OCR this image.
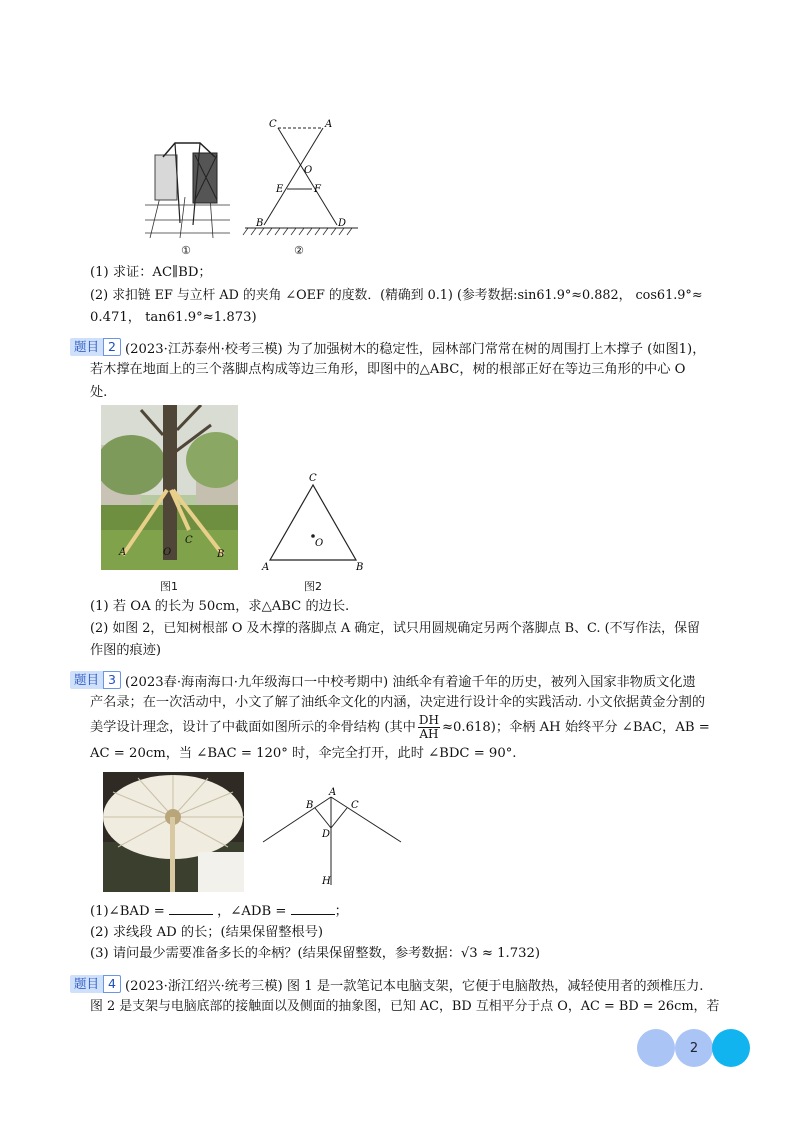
①
C	A
O
E	F
B	D
②
(1) 求证：AC∥BD；
(2) 求扣链 EF 与立杆 AD 的夹角 ∠OEF 的度数．(精确到 0.1) (参考数据:sin61.9°≈0.882， cos61.9°≈
0.471， tan61.9°≈1.873)
题目 2 (2023·江苏泰州·校考三模) 为了加强树木的稳定性，园林部门常常在树的周围打上木撑子 (如图1)，
若木撑在地面上的三个落脚点构成等边三角形，即图中的△ABC，树的根部正好在等边三角形的中心 O
处.
A	O
C
B
图1
C
O
A	B
图2
(1) 若 OA 的长为 50cm，求△ABC 的边长.
(2) 如图 2，已知树根部 O 及木撑的落脚点 A 确定，试只用圆规确定另两个落脚点 B、C. (不写作法，保留
作图的痕迹)
题目 3 (2023春·海南海口·九年级海口一中校考期中) 油纸伞有着逾千年的历史，被列入国家非物质文化遗
产名录；在一次活动中，小文了解了油纸伞文化的内涵，决定进行设计伞的实践活动. 小文依据黄金分割的
美学设计理念，设计了中截面如图所示的伞骨结构 (其中 $\frac{DH}{AH} \approx 0.618$)；伞柄 AH 始终平分 ∠BAC，AB =
AC = 20cm，当 ∠BAC = 120° 时，伞完全打开，此时 ∠BDC = 90°.
A
B	C
D
H
(1)∠BAD =	，∠ADB =	；
(2) 求线段 AD 的长；(结果保留整根号)
(3) 请问最少需要准备多长的伞柄？(结果保留整数，参考数据：√3 ≈ 1.732)
题目 4 (2023·浙江绍兴·统考三模) 图 1 是一款笔记本电脑支架，它便于电脑散热，减轻使用者的颈椎压力.
图 2 是支架与电脑底部的接触面以及侧面的抽象图，已知 AC，BD 互相平分于点 O，AC = BD = 26cm，若
2
